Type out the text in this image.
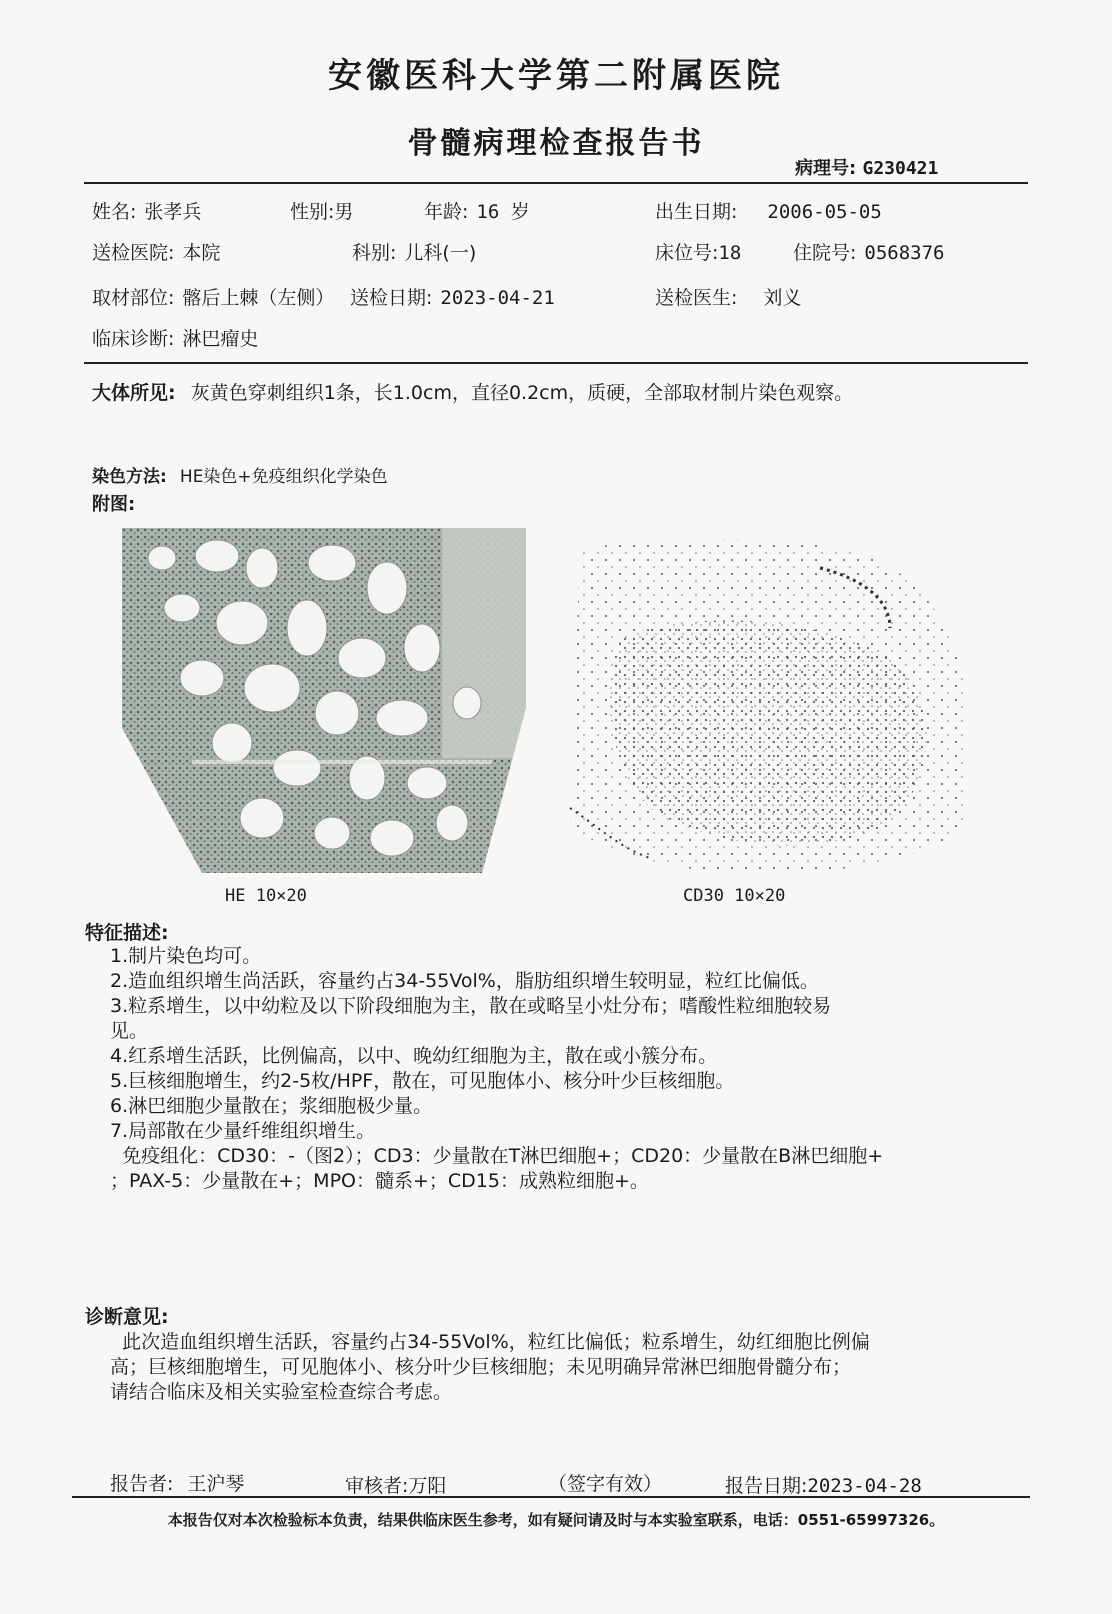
安徽医科大学第二附属医院
骨髓病理检查报告书
病理号: G230421
姓名: 张孝兵	性别:男	年龄: 16 岁	出生日期: 2006-05-05
送检医院: 本院	科别: 儿科(一)	床位号:18	住院号: 0568376
取材部位: 髂后上棘（左侧） 送检日期: 2023-04-21	送检医生: 刘义
临床诊断: 淋巴瘤史
大体所见: 灰黄色穿刺组织1条，长1.0cm，直径0.2cm，质硬，全部取材制片染色观察。
染色方法: HE染色+免疫组织化学染色
附图:
HE 10×20	CD30 10×20
特征描述:
1.制片染色均可。
2.造血组织增生尚活跃，容量约占34-55Vol%，脂肪组织增生较明显，粒红比偏低。
3.粒系增生，以中幼粒及以下阶段细胞为主，散在或略呈小灶分布；嗜酸性粒细胞较易
见。
4.红系增生活跃，比例偏高，以中、晚幼红细胞为主，散在或小簇分布。
5.巨核细胞增生，约2-5枚/HPF，散在，可见胞体小、核分叶少巨核细胞。
6.淋巴细胞少量散在；浆细胞极少量。
7.局部散在少量纤维组织增生。
免疫组化：CD30：-（图2）；CD3：少量散在T淋巴细胞+；CD20：少量散在B淋巴细胞+
；PAX-5：少量散在+；MPO：髓系+；CD15：成熟粒细胞+。
诊断意见:
此次造血组织增生活跃，容量约占34-55Vol%，粒红比偏低；粒系增生，幼红细胞比例偏
高；巨核细胞增生，可见胞体小、核分叶少巨核细胞；未见明确异常淋巴细胞骨髓分布；
请结合临床及相关实验室检查综合考虑。
报告者: 王沪琴	审核者:万阳	（签字有效）	报告日期:2023-04-28
本报告仅对本次检验标本负责，结果供临床医生参考，如有疑问请及时与本实验室联系，电话：0551-65997326。
